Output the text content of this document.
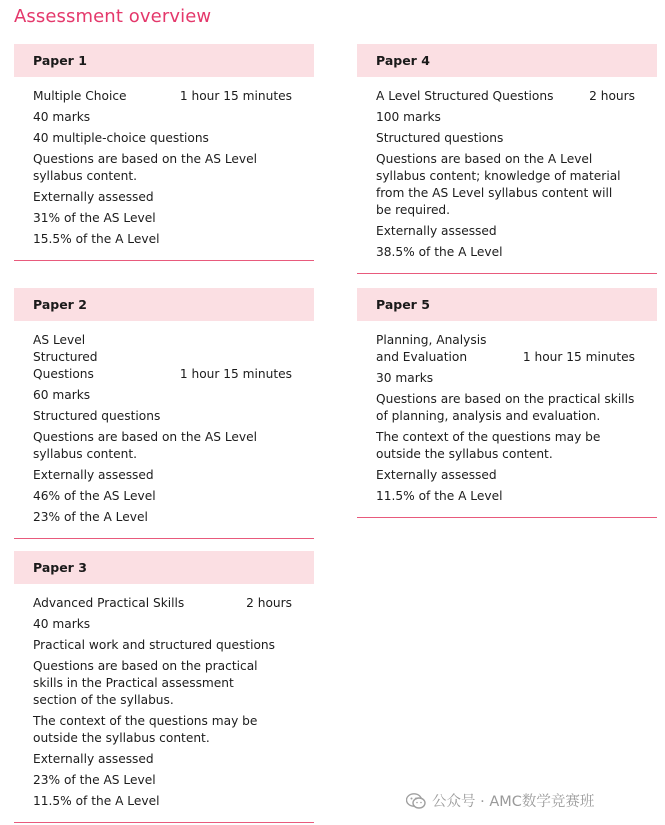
Assessment overview
Paper 1
Multiple Choice	1 hour 15 minutes
40 marks
40 multiple-choice questions
Questions are based on the AS Level syllabus content.
Externally assessed
31% of the AS Level
15.5% of the A Level
Paper 4
A Level Structured Questions	2 hours
100 marks
Structured questions
Questions are based on the A Level syllabus content; knowledge of material from the AS Level syllabus content will be required.
Externally assessed
38.5% of the A Level
Paper 2
AS Level Structured Questions	1 hour 15 minutes
60 marks
Structured questions
Questions are based on the AS Level syllabus content.
Externally assessed
46% of the AS Level
23% of the A Level
Paper 5
Planning, Analysis and Evaluation	1 hour 15 minutes
30 marks
Questions are based on the practical skills of planning, analysis and evaluation.
The context of the questions may be outside the syllabus content.
Externally assessed
11.5% of the A Level
Paper 3
Advanced Practical Skills	2 hours
40 marks
Practical work and structured questions
Questions are based on the practical skills in the Practical assessment section of the syllabus.
The context of the questions may be outside the syllabus content.
Externally assessed
23% of the AS Level
11.5% of the A Level	公众号 · AMC数学竞赛班
